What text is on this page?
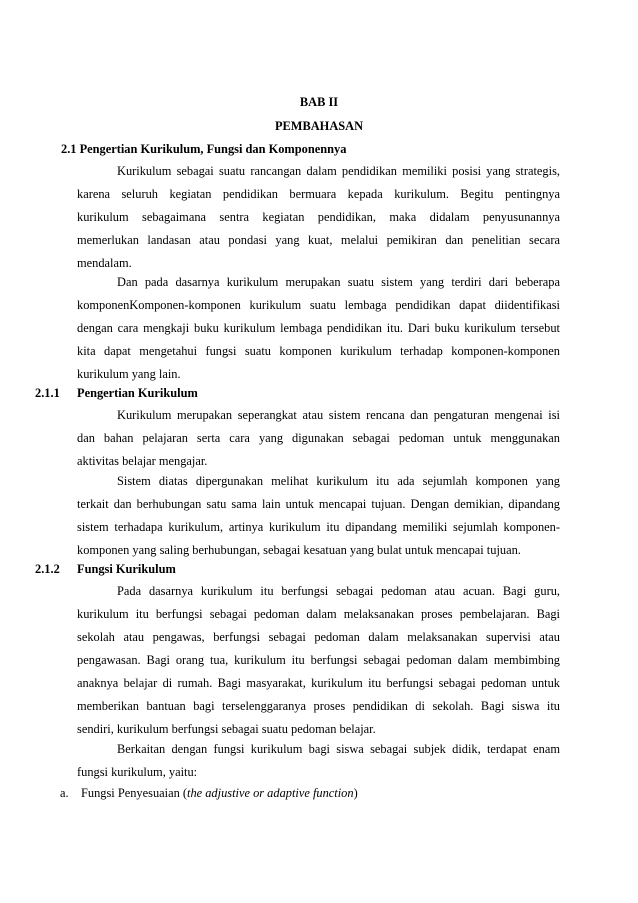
BAB II
PEMBAHASAN
2.1 Pengertian Kurikulum, Fungsi dan Komponennya
Kurikulum sebagai suatu rancangan dalam pendidikan memiliki posisi yang strategis,
karena seluruh kegiatan pendidikan bermuara kepada kurikulum. Begitu pentingnya
kurikulum sebagaimana sentra kegiatan pendidikan, maka didalam penyusunannya
memerlukan landasan atau pondasi yang kuat, melalui pemikiran dan penelitian secara
mendalam.
Dan pada dasarnya kurikulum merupakan suatu sistem yang terdiri dari beberapa
komponenKomponen-komponen kurikulum suatu lembaga pendidikan dapat diidentifikasi
dengan cara mengkaji buku kurikulum lembaga pendidikan itu. Dari buku kurikulum tersebut
kita dapat mengetahui fungsi suatu komponen kurikulum terhadap komponen-komponen
kurikulum yang lain.
2.1.1 Pengertian Kurikulum
Kurikulum merupakan seperangkat atau sistem rencana dan pengaturan mengenai isi
dan bahan pelajaran serta cara yang digunakan sebagai pedoman untuk menggunakan
aktivitas belajar mengajar.
Sistem diatas dipergunakan melihat kurikulum itu ada sejumlah komponen yang
terkait dan berhubungan satu sama lain untuk mencapai tujuan. Dengan demikian, dipandang
sistem terhadapa kurikulum, artinya kurikulum itu dipandang memiliki sejumlah komponen-
komponen yang saling berhubungan, sebagai kesatuan yang bulat untuk mencapai tujuan.
2.1.2 Fungsi Kurikulum
Pada dasarnya kurikulum itu berfungsi sebagai pedoman atau acuan. Bagi guru,
kurikulum itu berfungsi sebagai pedoman dalam melaksanakan proses pembelajaran. Bagi
sekolah atau pengawas, berfungsi sebagai pedoman dalam melaksanakan supervisi atau
pengawasan. Bagi orang tua, kurikulum itu berfungsi sebagai pedoman dalam membimbing
anaknya belajar di rumah. Bagi masyarakat, kurikulum itu berfungsi sebagai pedoman untuk
memberikan bantuan bagi terselenggaranya proses pendidikan di sekolah. Bagi siswa itu
sendiri, kurikulum berfungsi sebagai suatu pedoman belajar.
Berkaitan dengan fungsi kurikulum bagi siswa sebagai subjek didik, terdapat enam
fungsi kurikulum, yaitu:
a. Fungsi Penyesuaian (the adjustive or adaptive function)
